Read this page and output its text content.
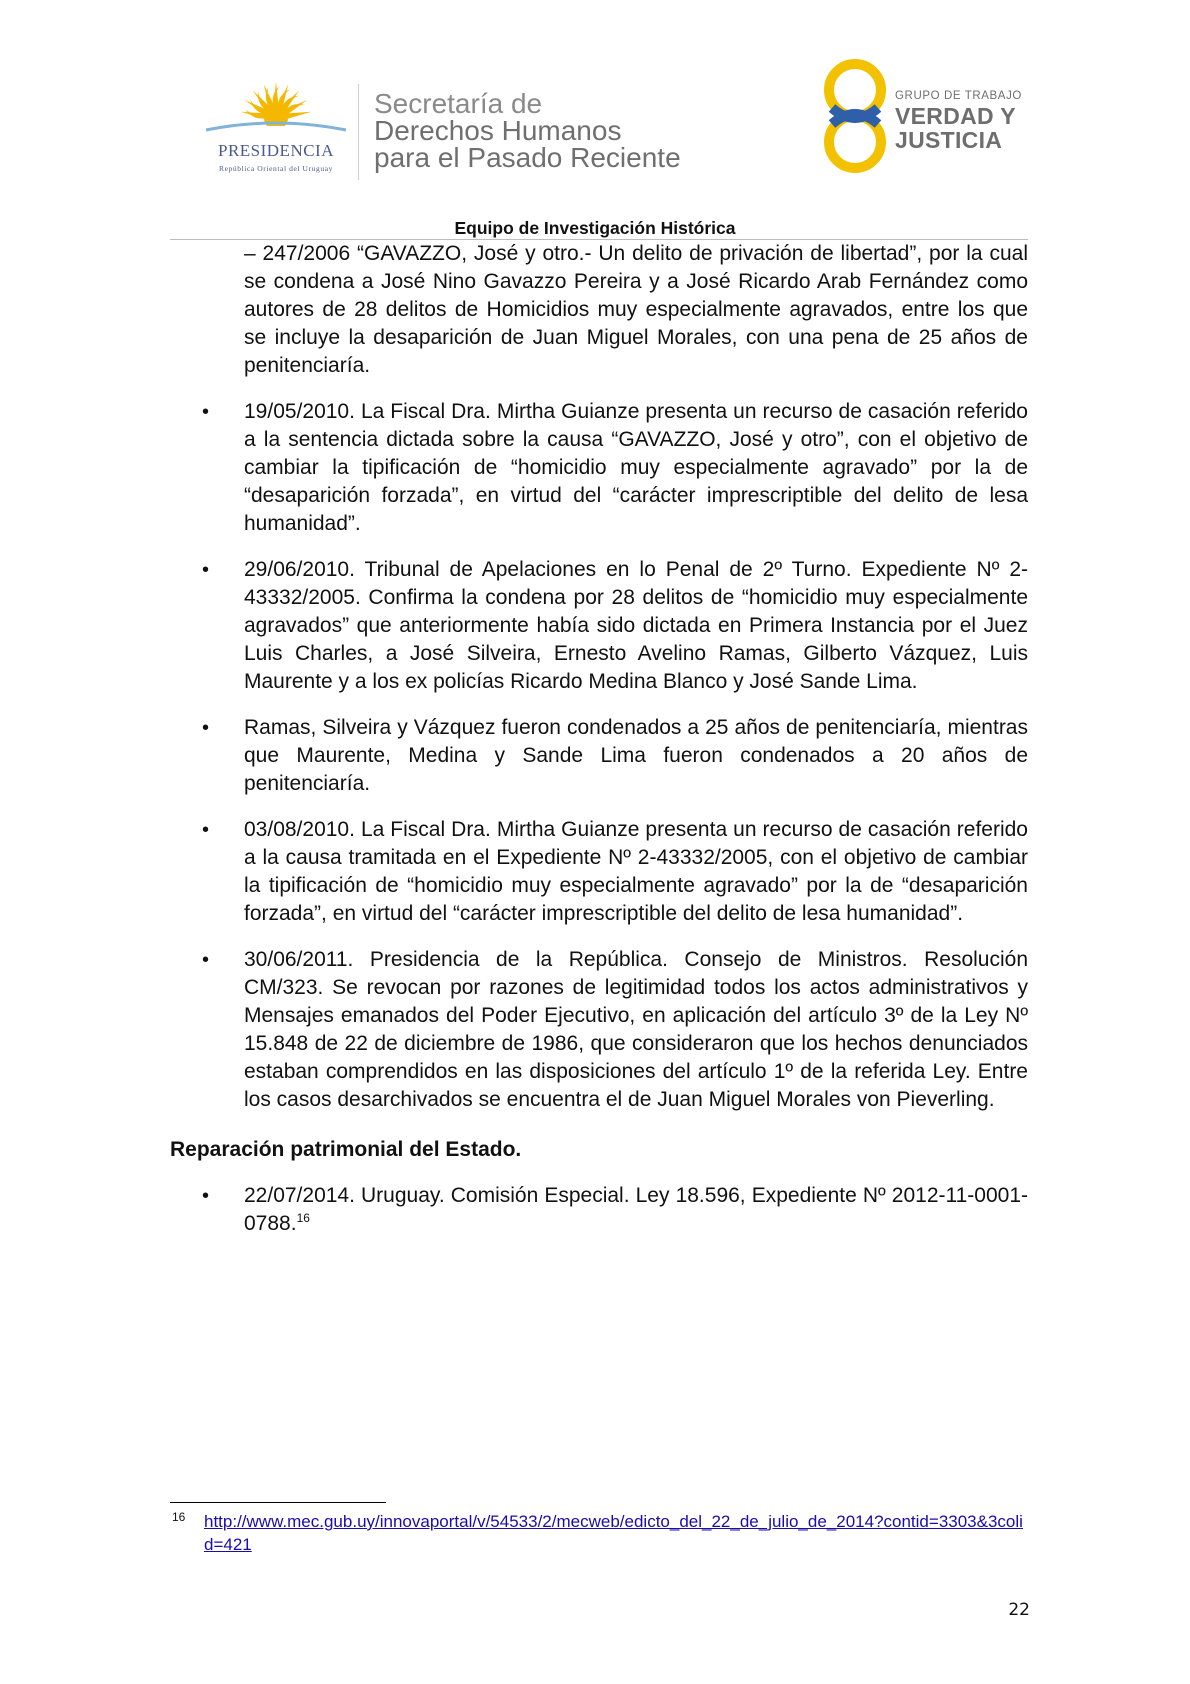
PRESIDENCIA
República Oriental del Uruguay
Secretaría de
Derechos Humanos
para el Pasado Reciente
GRUPO DE TRABAJO
VERDAD Y
JUSTICIA
Equipo de Investigación Histórica

– 247/2006 “GAVAZZO, José y otro.- Un delito de privación de libertad”, por la cual se condena a José Nino Gavazzo Pereira y a José Ricardo Arab Fernández como autores de 28 delitos de Homicidios muy especialmente agravados, entre los que se incluye la desaparición de Juan Miguel Morales, con una pena de 25 años de penitenciaría.

• 19/05/2010. La Fiscal Dra. Mirtha Guianze presenta un recurso de casación referido a la sentencia dictada sobre la causa “GAVAZZO, José y otro”, con el objetivo de cambiar la tipificación de “homicidio muy especialmente agravado” por la de “desaparición forzada”, en virtud del “carácter imprescriptible del delito de lesa humanidad”.

• 29/06/2010. Tribunal de Apelaciones en lo Penal de 2º Turno. Expediente Nº 2-43332/2005. Confirma la condena por 28 delitos de “homicidio muy especialmente agravados” que anteriormente había sido dictada en Primera Instancia por el Juez Luis Charles, a José Silveira, Ernesto Avelino Ramas, Gilberto Vázquez, Luis Maurente y a los ex policías Ricardo Medina Blanco y José Sande Lima.

• Ramas, Silveira y Vázquez fueron condenados a 25 años de penitenciaría, mientras que Maurente, Medina y Sande Lima fueron condenados a 20 años de penitenciaría.

• 03/08/2010. La Fiscal Dra. Mirtha Guianze presenta un recurso de casación referido a la causa tramitada en el Expediente Nº 2-43332/2005, con el objetivo de cambiar la tipificación de “homicidio muy especialmente agravado” por la de “desaparición forzada”, en virtud del “carácter imprescriptible del delito de lesa humanidad”.

• 30/06/2011. Presidencia de la República. Consejo de Ministros. Resolución CM/323. Se revocan por razones de legitimidad todos los actos administrativos y Mensajes emanados del Poder Ejecutivo, en aplicación del artículo 3º de la Ley Nº 15.848 de 22 de diciembre de 1986, que consideraron que los hechos denunciados estaban comprendidos en las disposiciones del artículo 1º de la referida Ley. Entre los casos desarchivados se encuentra el de Juan Miguel Morales von Pieverling.

Reparación patrimonial del Estado.
• 22/07/2014. Uruguay. Comisión Especial. Ley 18.596, Expediente Nº 2012-11-0001-0788.16

16 http://www.mec.gub.uy/innovaportal/v/54533/2/mecweb/edicto_del_22_de_julio_de_2014?contid=3303&3colid=421
22
